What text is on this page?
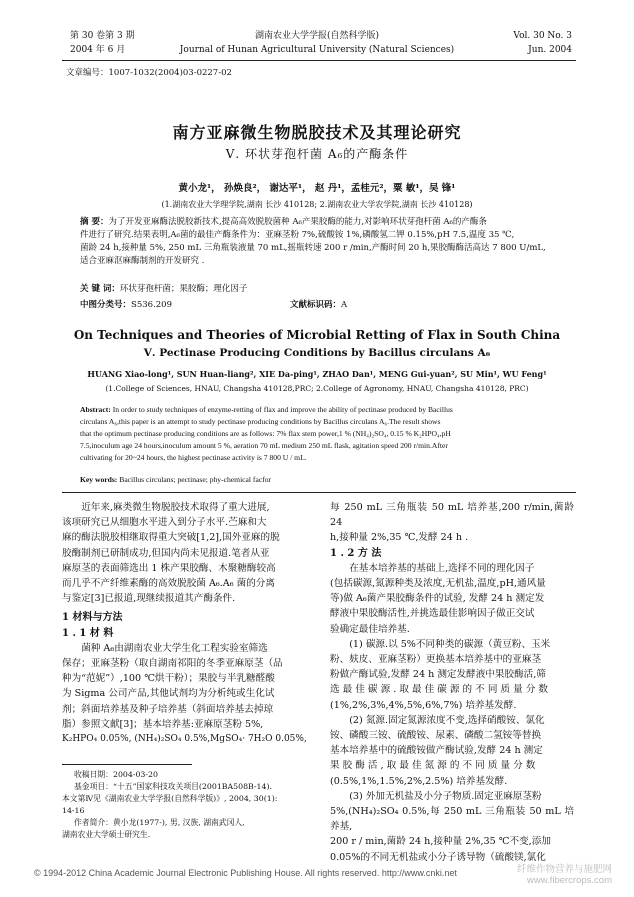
第 30 卷第 3 期
2004 年 6 月
湖南农业大学学报(自然科学版)
Journal of Hunan Agricultural University (Natural Sciences)
Vol. 30 No. 3
Jun. 2004
文章编号：1007-1032(2004)03-0227-02
南方亚麻微生物脱胶技术及其理论研究
Ⅴ. 环状芽孢杆菌 A₆的产酶条件
黄小龙¹， 孙焕良²， 谢达平¹， 赵 丹¹，孟桂元²，粟 敏¹，吴 锋¹
(1.湖南农业大学理学院,湖南 长沙 410128; 2.湖南农业大学农学院,湖南 长沙 410128)
摘 要：为了开发亚麻酶法脱胶新技术,提高高效脱胶菌种 A₆产果胶酶的能力,对影响环状芽孢杆菌 A₆的产酶条
件进行了研究.结果表明,A₆菌的最佳产酶条件为：亚麻茎粉 7%,硫酸铵 1%,磷酸氢二钾 0.15%,pH 7.5,温度 35 ℃,
菌龄 24 h,接种量 5%, 250 mL 三角瓶装液量 70 mL,摇瓶转速 200 r /min,产酶时间 20 h,果胶酶酶活高达 7 800 U/mL,
适合亚麻沤麻酶制剂的开发研究 .
关 键 词：环状芽孢杆菌；果胶酶；理化因子
中图分类号：S536.209	文献标识码：A
On Techniques and Theories of Microbial Retting of Flax in South China
Ⅴ. Pectinase Producing Conditions by Bacillus circulans A₆
HUANG Xiao-long¹, SUN Huan-liang², XIE Da-ping¹, ZHAO Dan¹, MENG Gui-yuan², SU Min¹, WU Feng¹
(1.College of Sciences, HNAU, Changsha 410128,PRC; 2.College of Agronomy, HNAU, Changsha 410128, PRC)
Abstract: In order to study techniques of enzyme-retting of flax and improve the ability of pectinase produced by Bacillus
circulans A₆,this paper is an attempt to study pectinase producing conditions by Bacillus circulans A₆.The result shows
that the optimum pectinase producing conditions are as follows: 7% flax stem power,1 % (NH₄)₂SO₄, 0.15 % K₂HPO₄,pH
7.5,inoculum age 24 hours,inoculum amount 5 %, aeration 70 mL medium 250 mL flask, agitation speed 200 r/min.After
cultivating for 20~24 hours, the highest pectinase activity is 7 800 U / mL.
Key words: Bacillus circulans; pectinase; phy-chemical facfor
近年来,麻类微生物脱胶技术取得了重大进展,
该项研究已从细胞水平进入到分子水平.苎麻和大
麻的酶法脱胶相继取得重大突破[1,2],国外亚麻的脱
胶酶制剂已研制成功,但国内尚未见报道.笔者从亚
麻原茎的表面筛选出 1 株产果胶酶、木聚糖酶较高
而几乎不产纤维素酶的高效脱胶菌 A₆.A₆ 菌的分离
与鉴定[3]已报道,现继续报道其产酶条件.
1 材料与方法
1 . 1 材 料
菌种 A₆由湖南农业大学生化工程实验室筛选
保存；亚麻茎粉（取自湖南祁阳的冬季亚麻原茎（品
种为“范妮”）,100 ℃烘干粉）；果胶与半乳糖醛酸
为 Sigma 公司产品,其他试剂均为分析纯或生化试
剂；斜面培养基及种子培养基（斜面培养基去掉琼
脂）参照文献[3]；基本培养基:亚麻原茎粉 5%,
K₂HPO₄ 0.05%, (NH₄)₂SO₄ 0.5%,MgSO₄· 7H₂O 0.05%,
收稿日期：2004-03-20
基金项目：“十五”国家科技攻关项目(2001BA508B-14).
本文第Ⅳ见《湖南农业大学学报(自然科学版)》, 2004, 30(1):
14-16
作者简介：黄小龙(1977-), 男, 汉族, 湖南武冈人,
湖南农业大学硕士研究生.
每 250 mL 三角瓶装 50 mL 培养基,200 r/min,菌龄 24
h,接种量 2%,35 ℃,发酵 24 h .
1 . 2 方 法
在基本培养基的基础上,选择不同的理化因子
(包括碳源,氮源种类及浓度,无机盐,温度,pH,通风量
等)做 A₆菌产果胶酶条件的试验, 发酵 24 h 测定发
酵液中果胶酶活性,并挑选最佳影响因子做正交试
验确定最佳培养基.
(1) 碳源.以 5%不同种类的碳源（黄豆粉、玉米
粉、麸皮、亚麻茎粉）更换基本培养基中的亚麻茎
粉做产酶试验,发酵 24 h 测定发酵液中果胶酶活,筛
选 最 佳 碳 源 . 取 最 佳 碳 源 的 不 同 质 量 分 数
(1%,2%,3%,4%,5%,6%,7%) 培养基发酵.
(2) 氮源.固定氮源浓度不变,选择硝酸铵、氯化
铵、磷酸三铵、硫酸铵、尿素、磷酸二氢铵等替换
基本培养基中的硫酸铵做产酶试验,发酵 24 h 测定
果 胶 酶 活 , 取 最 佳 氮 源 的 不 同 质 量 分 数
(0.5%,1%,1.5%,2%,2.5%) 培养基发酵.
(3) 外加无机盐及小分子物质.固定亚麻原茎粉
5%,(NH₄)₂SO₄ 0.5%,每 250 mL 三角瓶装 50 mL 培养基,
200 r / min,菌龄 24 h,接种量 2%,35 ℃不变,添加
0.05%的不同无机盐或小分子诱导物（硫酸镁,氯化
© 1994-2012 China Academic Journal Electronic Publishing House. All rights reserved. http://www.cnki.net	纤维作物营养与施肥网
www.fibercrops.com
